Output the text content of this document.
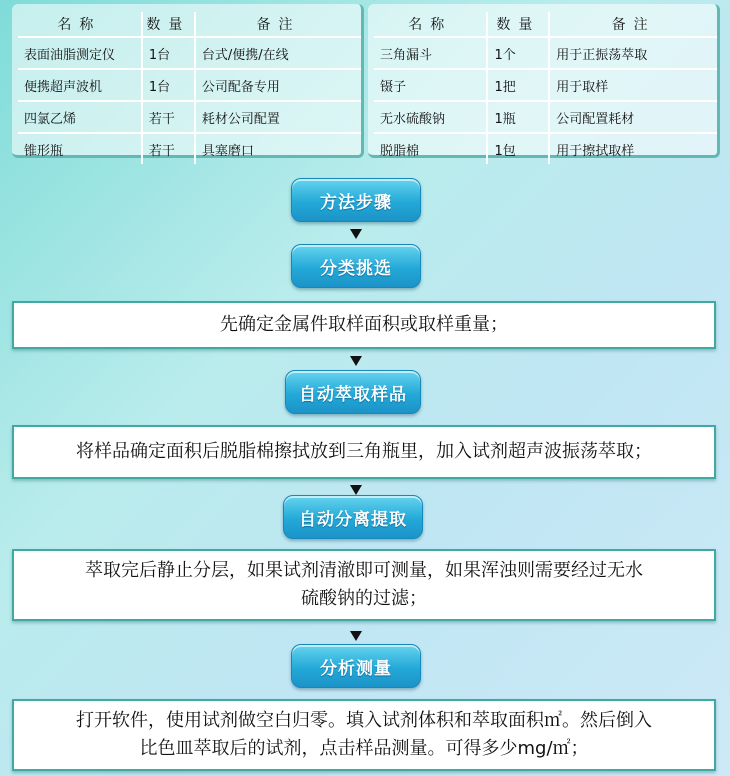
名称	数量	备注
表面油脂测定仪	1台	台式/便携/在线
便携超声波机	1台	公司配备专用
四氯乙烯	若干	耗材公司配置
锥形瓶	若干	具塞磨口
名称	数量	备注
三角漏斗	1个	用于正振荡萃取
镊子	1把	用于取样
无水硫酸钠	1瓶	公司配置耗材
脱脂棉	1包	用于擦拭取样
方法步骤
分类挑选
先确定金属件取样面积或取样重量；
自动萃取样品
将样品确定面积后脱脂棉擦拭放到三角瓶里，加入试剂超声波振荡萃取；
自动分离提取
萃取完后静止分层，如果试剂清澈即可测量，如果浑浊则需要经过无水
硫酸钠的过滤；
分析测量
打开软件，使用试剂做空白归零。填入试剂体积和萃取面积㎡。然后倒入
比色皿萃取后的试剂，点击样品测量。可得多少mg/㎡；
